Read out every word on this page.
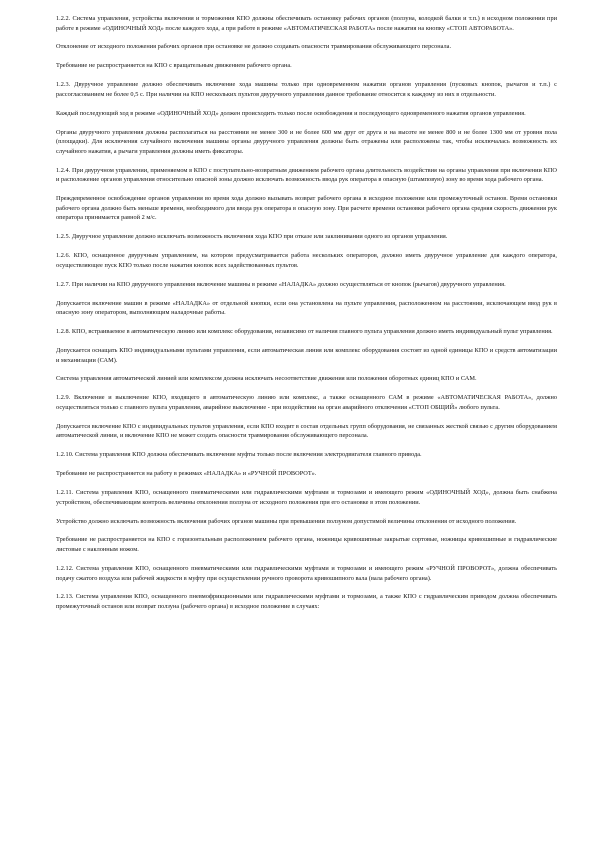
1.2.2. Система управления, устройства включения и торможения КПО должны обеспечивать остановку рабочих органов (ползуна, колодкой балки и т.п.) в исходном положении при работе в режиме «ОДИНОЧНЫЙ ХОД» после каждого хода, а при работе в режиме «АВТОМАТИЧЕСКАЯ РАБОТА» после нажатия на кнопку «СТОП АВТОРАБОТА».

Отклонение от исходного положения рабочих органов при остановке не должно создавать опасности травмирования обслуживающего персонала.

Требование не распространяется на КПО с вращательным движением рабочего органа.

1.2.3. Двуручное управление должно обеспечивать включение хода машины только при одновременном нажатии органов управления (пусковых кнопок, рычагов и т.п.) с рассогласованием не более 0,5 с. При наличии на КПО нескольких пультов двуручного управления данное требование относится к каждому из них в отдельности.

Каждый последующий ход в режиме «ОДИНОЧНЫЙ ХОД» должен происходить только после освобождения и последующего одновременного нажатия органов управления.

Органы двуручного управления должны располагаться на расстоянии не менее 300 и не более 600 мм друг от друга и на высоте не менее 800 и не более 1300 мм от уровня пола (площадки). Для исключения случайного включения машины органы двуручного управления должны быть отражены или расположены так, чтобы исключалась возможность их случайного нажатия, а рычаги управления должны иметь фиксаторы.

1.2.4. При двуручном управлении, применяемом в КПО с поступательно-возвратным движением рабочего органа длительность воздействия на органы управления при включении КПО и расположение органов управления относительно опасной зоны должно исключать возможность ввода рук оператора в опасную (штамповую) зону во время хода рабочего органа.

Преждевременное освобождение органов управления во время хода должно вызывать возврат рабочего органа в исходное положение или промежуточный останов. Время остановки рабочего органа должно быть меньше времени, необходимого для ввода рук оператора в опасную зону. При расчете времени остановки рабочего органа средняя скорость движения рук оператора принимается равной 2 м/с.

1.2.5. Двуручное управление должно исключать возможность включения хода КПО при отказе или заклинивании одного из органов управления.

1.2.6. КПО, оснащенное двуручным управлением, на котором предусматривается работа нескольких операторов, должно иметь двуручное управление для каждого оператора, осуществляющее пуск КПО только после нажатия кнопок всех задействованных пультов.

1.2.7. При наличии на КПО двуручного управления включение машины в режиме «НАЛАДКА» должно осуществляться от кнопок (рычагов) двуручного управления.

Допускается включение машин в режиме «НАЛАДКА» от отдельной кнопки, если она установлена на пульте управления, расположенном на расстоянии, исключающем ввод рук в опасную зону оператором, выполняющим наладочные работы.

1.2.8. КПО, встраиваемое в автоматическую линию или комплекс оборудования, независимо от наличия главного пульта управления должно иметь индивидуальный пульт управления.

Допускается оснащать КПО индивидуальными пультами управления, если автоматическая линия или комплекс оборудования состоят из одной единицы КПО и средств автоматизации и механизации (САМ).

Система управления автоматической линией или комплексом должна исключать несоответствие движения или положения оборотных единиц КПО и САМ.

1.2.9. Включение и выключение КПО, входящего в автоматическую линию или комплекс, а также оснащенного САМ в режиме «АВТОМАТИЧЕСКАЯ РАБОТА», должно осуществляться только с главного пульта управления, аварийное выключение - при воздействии на орган аварийного отключения «СТОП ОБЩИЙ» любого пульта.

Допускается включение КПО с индивидуальных пультов управления, если КПО входит в состав отдельных групп оборудования, не связанных жесткой связью с другим оборудованием автоматической линии, и включение КПО не может создать опасности травмирования обслуживающего персонала.

1.2.10. Система управления КПО должна обеспечивать включение муфты только после включения электродвигателя главного привода.

Требование не распространяется на работу в режимах «НАЛАДКА» и «РУЧНОЙ ПРОВОРОТ».

1.2.11. Система управления КПО, оснащенного пневматическими или гидравлическими муфтами и тормозами и имеющего режим «ОДИНОЧНЫЙ ХОД», должна быть снабжена устройством, обеспечивающим контроль величины отклонения ползуна от исходного положения при его остановке в этом положении.

Устройство должно исключать возможность включения рабочих органов машины при превышении ползуном допустимой величины отклонения от исходного положения.

Требование не распространяется на КПО с горизонтальным расположением рабочего органа, ножницы кривошипные закрытые сортовые, ножницы кривошипные и гидравлические листовые с наклонным ножом.

1.2.12. Система управления КПО, оснащенного пневматическими или гидравлическими муфтами и тормозами и имеющего режим «РУЧНОЙ ПРОВОРОТ», должна обеспечивать подачу сжатого воздуха или рабочей жидкости в муфту при осуществлении ручного проворота кривошипного вала (вала рабочего органа).

1.2.13. Система управления КПО, оснащенного пневмофрикционными или гидравлическими муфтами и тормозами, а также КПО с гидравлическим приводом должна обеспечивать промежуточный останов или возврат ползуна (рабочего органа) в исходное положение в случаях:
